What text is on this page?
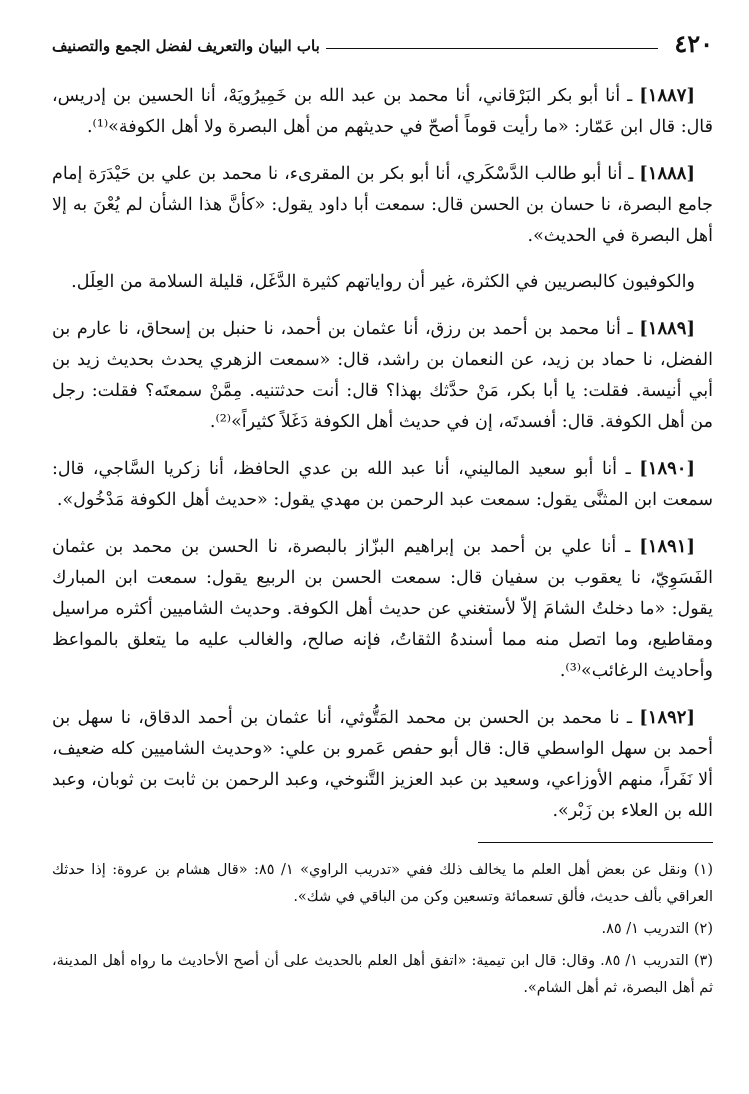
٤٢٠
باب البيان والتعريف لفضل الجمع والتصنيف

[١٨٨٧] ـ أنا أبو بكر البَرْقاني، أنا محمد بن عبد الله بن خَمِيرُويَهْ، أنا الحسين بن إدريس، قال: قال ابن عَمّار: «ما رأيت قوماً أصحّ في حديثهم من أهل البصرة ولا أهل الكوفة»⁽¹⁾.

[١٨٨٨] ـ أنا أبو طالب الدَّسْكَري، أنا أبو بكر بن المقرىء، نا محمد بن علي بن حَيْدَرَة إمام جامع البصرة، نا حسان بن الحسن قال: سمعت أبا داود يقول: «كأنَّ هذا الشأن لم يُعْنَ به إلا أهل البصرة في الحديث».

والكوفيون كالبصريين في الكثرة، غير أن رواياتهم كثيرة الدَّغَل، قليلة السلامة من العِلَل.

[١٨٨٩] ـ أنا محمد بن أحمد بن رزق، أنا عثمان بن أحمد، نا حنبل بن إسحاق، نا عارم بن الفضل، نا حماد بن زيد، عن النعمان بن راشد، قال: «سمعت الزهري يحدث بحديث زيد بن أبي أنيسة. فقلت: يا أبا بكر، مَنْ حدَّثك بهذا؟ قال: أنت حدثتنيه. مِمَّنْ سمعتَه؟ فقلت: رجل من أهل الكوفة. قال: أفسدتَه، إن في حديث أهل الكوفة دَغَلاً كثيراً»⁽²⁾.

[١٨٩٠] ـ أنا أبو سعيد الماليني، أنا عبد الله بن عدي الحافظ، أنا زكريا السَّاجي، قال: سمعت ابن المثنَّى يقول: سمعت عبد الرحمن بن مهدي يقول: «حديث أهل الكوفة مَدْخُول».

[١٨٩١] ـ أنا علي بن أحمد بن إبراهيم البزّاز بالبصرة، نا الحسن بن محمد بن عثمان الفَسَوِيّ، نا يعقوب بن سفيان قال: سمعت الحسن بن الربيع يقول: سمعت ابن المبارك يقول: «ما دخلتُ الشامَ إلاّ لأستغني عن حديث أهل الكوفة. وحديث الشاميين أكثره مراسيل ومقاطيع، وما اتصل منه مما أسندهُ الثقاتُ، فإنه صالح، والغالب عليه ما يتعلق بالمواعظ وأحاديث الرغائب»⁽³⁾.

[١٨٩٢] ـ نا محمد بن الحسن بن محمد المَتُّوثي، أنا عثمان بن أحمد الدقاق، نا سهل بن أحمد بن سهل الواسطي قال: قال أبو حفص عَمرو بن علي: «وحديث الشاميين كله ضعيف، ألا نَفَراً، منهم الأوزاعي، وسعيد بن عبد العزيز التَّنوخي، وعبد الرحمن بن ثابت بن ثوبان، وعبد الله بن العلاء بن زَبْر».

(١) ونقل عن بعض أهل العلم ما يخالف ذلك ففي «تدريب الراوي» ١/ ٨٥: «قال هشام بن عروة: إذا حدثك العراقي بألف حديث، فألق تسعمائة وتسعين وكن من الباقي في شك».

(٢) التدريب ١/ ٨٥.

(٣) التدريب ١/ ٨٥. وقال: قال ابن تيمية: «اتفق أهل العلم بالحديث على أن أصح الأحاديث ما رواه أهل المدينة، ثم أهل البصرة، ثم أهل الشام».
